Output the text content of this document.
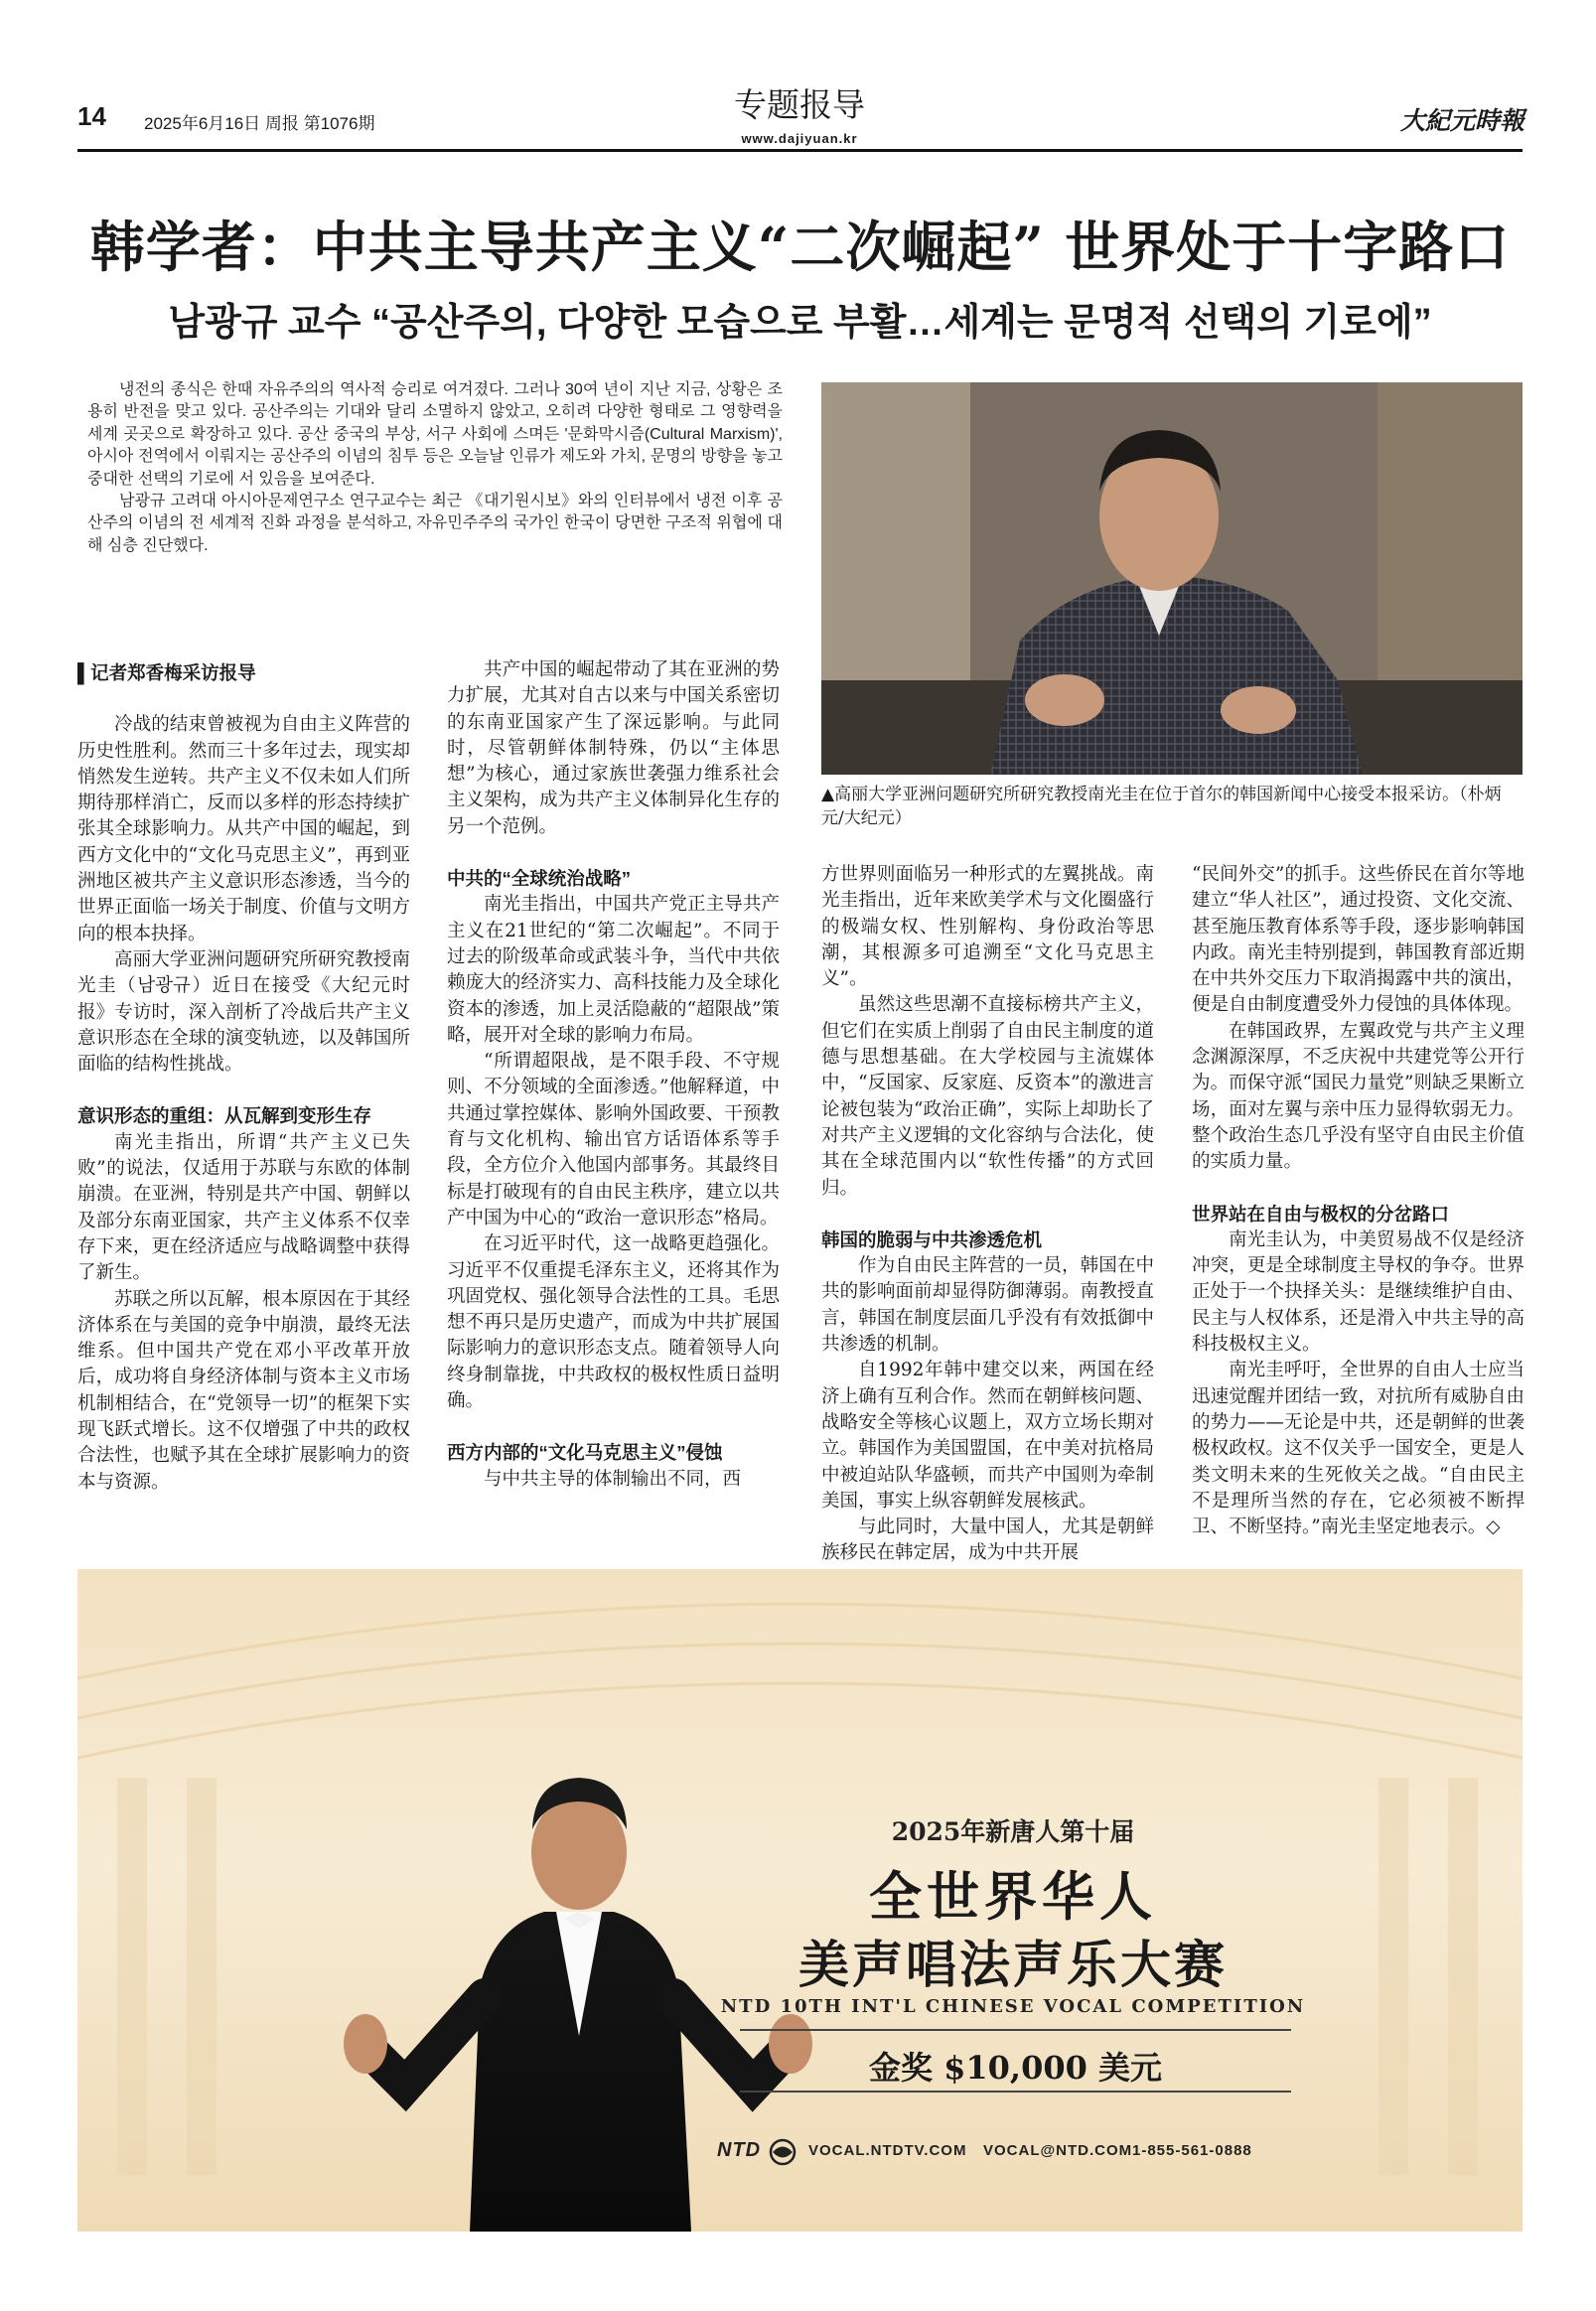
14 2025年6月16日 周报 第1076期
专题报导
www.dajiyuan.kr
大紀元時報
韩学者：中共主导共产主义“二次崛起” 世界处于十字路口
남광규 교수 “공산주의, 다양한 모습으로 부활…세계는 문명적 선택의 기로에”

냉전의 종식은 한때 자유주의의 역사적 승리로 여겨졌다. 그러나 30여 년이 지난 지금, 상황은 조용히 반전을 맞고 있다. 공산주의는 기대와 달리 소멸하지 않았고, 오히려 다양한 형태로 그 영향력을 세계 곳곳으로 확장하고 있다. 공산 중국의 부상, 서구 사회에 스며든 '문화막시즘(Cultural Marxism)', 아시아 전역에서 이뤄지는 공산주의 이념의 침투 등은 오늘날 인류가 제도와 가치, 문명의 방향을 놓고 중대한 선택의 기로에 서 있음을 보여준다.

남광규 고려대 아시아문제연구소 연구교수는 최근 《대기원시보》와의 인터뷰에서 냉전 이후 공산주의 이념의 전 세계적 진화 과정을 분석하고, 자유민주주의 국가인 한국이 당면한 구조적 위협에 대해 심층 진단했다.

▲高丽大学亚洲问题研究所研究教授南光圭在位于首尔的韩国新闻中心接受本报采访。（朴炳元/大纪元）
▌记者郑香梅采访报导

冷战的结束曾被视为自由主义阵营的历史性胜利。然而三十多年过去，现实却悄然发生逆转。共产主义不仅未如人们所期待那样消亡，反而以多样的形态持续扩张其全球影响力。从共产中国的崛起，到西方文化中的“文化马克思主义”，再到亚洲地区被共产主义意识形态渗透，当今的世界正面临一场关于制度、价值与文明方向的根本抉择。

高丽大学亚洲问题研究所研究教授南光圭（남광규）近日在接受《大纪元时报》专访时，深入剖析了冷战后共产主义意识形态在全球的演变轨迹，以及韩国所面临的结构性挑战。

意识形态的重组：从瓦解到变形生存

南光圭指出，所谓“共产主义已失败”的说法，仅适用于苏联与东欧的体制崩溃。在亚洲，特别是共产中国、朝鲜以及部分东南亚国家，共产主义体系不仅幸存下来，更在经济适应与战略调整中获得了新生。

苏联之所以瓦解，根本原因在于其经济体系在与美国的竞争中崩溃，最终无法维系。但中国共产党在邓小平改革开放后，成功将自身经济体制与资本主义市场机制相结合，在“党领导一切”的框架下实现飞跃式增长。这不仅增强了中共的政权合法性，也赋予其在全球扩展影响力的资本与资源。

共产中国的崛起带动了其在亚洲的势力扩展，尤其对自古以来与中国关系密切的东南亚国家产生了深远影响。与此同时，尽管朝鲜体制特殊，仍以“主体思想”为核心，通过家族世袭强力维系社会主义架构，成为共产主义体制异化生存的另一个范例。

中共的“全球统治战略”

南光圭指出，中国共产党正主导共产主义在21世纪的“第二次崛起”。不同于过去的阶级革命或武装斗争，当代中共依赖庞大的经济实力、高科技能力及全球化资本的渗透，加上灵活隐蔽的“超限战”策略，展开对全球的影响力布局。

“所谓超限战，是不限手段、不守规则、不分领域的全面渗透。”他解释道，中共通过掌控媒体、影响外国政要、干预教育与文化机构、输出官方话语体系等手段，全方位介入他国内部事务。其最终目标是打破现有的自由民主秩序，建立以共产中国为中心的“政治一意识形态”格局。

在习近平时代，这一战略更趋强化。习近平不仅重提毛泽东主义，还将其作为巩固党权、强化领导合法性的工具。毛思想不再只是历史遗产，而成为中共扩展国际影响力的意识形态支点。随着领导人向终身制靠拢，中共政权的极权性质日益明确。

西方内部的“文化马克思主义”侵蚀

与中共主导的体制输出不同，西

方世界则面临另一种形式的左翼挑战。南光圭指出，近年来欧美学术与文化圈盛行的极端女权、性别解构、身份政治等思潮，其根源多可追溯至“文化马克思主义”。

虽然这些思潮不直接标榜共产主义，但它们在实质上削弱了自由民主制度的道德与思想基础。在大学校园与主流媒体中，“反国家、反家庭、反资本”的激进言论被包装为“政治正确”，实际上却助长了对共产主义逻辑的文化容纳与合法化，使其在全球范围内以“软性传播”的方式回归。

韩国的脆弱与中共渗透危机

作为自由民主阵营的一员，韩国在中共的影响面前却显得防御薄弱。南教授直言，韩国在制度层面几乎没有有效抵御中共渗透的机制。

自1992年韩中建交以来，两国在经济上确有互利合作。然而在朝鲜核问题、战略安全等核心议题上，双方立场长期对立。韩国作为美国盟国，在中美对抗格局中被迫站队华盛顿，而共产中国则为牵制美国，事实上纵容朝鲜发展核武。

与此同时，大量中国人，尤其是朝鲜族移民在韩定居，成为中共开展

“民间外交”的抓手。这些侨民在首尔等地建立“华人社区”，通过投资、文化交流、甚至施压教育体系等手段，逐步影响韩国内政。南光圭特别提到，韩国教育部近期在中共外交压力下取消揭露中共的演出，便是自由制度遭受外力侵蚀的具体体现。

在韩国政界，左翼政党与共产主义理念渊源深厚，不乏庆祝中共建党等公开行为。而保守派“国民力量党”则缺乏果断立场，面对左翼与亲中压力显得软弱无力。整个政治生态几乎没有坚守自由民主价值的实质力量。

世界站在自由与极权的分岔路口

南光圭认为，中美贸易战不仅是经济冲突，更是全球制度主导权的争夺。世界正处于一个抉择关头：是继续维护自由、民主与人权体系，还是滑入中共主导的高科技极权主义。

南光圭呼吁，全世界的自由人士应当迅速觉醒并团结一致，对抗所有威胁自由的势力——无论是中共，还是朝鲜的世袭极权政权。这不仅关乎一国安全，更是人类文明未来的生死攸关之战。“自由民主不是理所当然的存在，它必须被不断捍卫、不断坚持。”南光圭坚定地表示。◇

2025年新唐人第十届
全世界华人
美声唱法声乐大赛
NTD 10TH INT'L CHINESE VOCAL COMPETITION
金奖 $10,000 美元
NTD	VOCAL.NTDTV.COM VOCAL@NTD.COM 1-855-561-0888
